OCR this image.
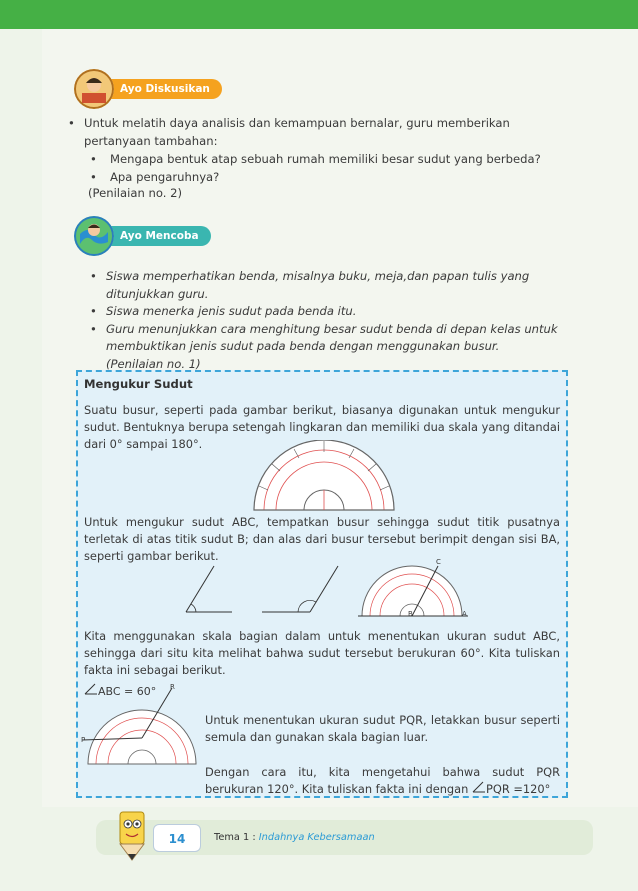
Ayo Diskusikan
• Untuk melatih daya analisis dan kemampuan bernalar, guru memberikan pertanyaan tambahan:
•	Mengapa bentuk atap sebuah rumah memiliki besar sudut yang berbeda?
•	Apa pengaruhnya?
(Penilaian no. 2)
Ayo Mencoba
• Siswa memperhatikan benda, misalnya buku, meja,dan papan tulis yang ditunjukkan guru.
• Siswa menerka jenis sudut pada benda itu.
• Guru menunjukkan cara menghitung besar sudut benda di depan kelas untuk membuktikan jenis sudut pada benda dengan menggunakan busur.
(Penilaian no. 1)
Mengukur Sudut
Suatu busur, seperti pada gambar berikut, biasanya digunakan untuk mengukur sudut. Bentuknya berupa setengah lingkaran dan memiliki dua skala yang ditandai dari 0° sampai 180°.
Untuk mengukur sudut ABC, tempatkan busur sehingga sudut titik pusatnya terletak di atas titik sudut B; dan alas dari busur tersebut berimpit dengan sisi BA, seperti gambar berikut.	C
A
B
Kita menggunakan skala bagian dalam untuk menentukan ukuran sudut ABC, sehingga dari situ kita melihat bahwa sudut tersebut berukuran 60°. Kita tuliskan fakta ini sebagai berikut.
ABC = 60°
P
R
Untuk menentukan ukuran sudut PQR, letakkan busur seperti semula dan gunakan skala bagian luar.
Dengan cara itu, kita mengetahui bahwa sudut PQR berukuran 120°. Kita tuliskan fakta ini dengan PQR =120°
14	Tema 1 : Indahnya Kebersamaan
